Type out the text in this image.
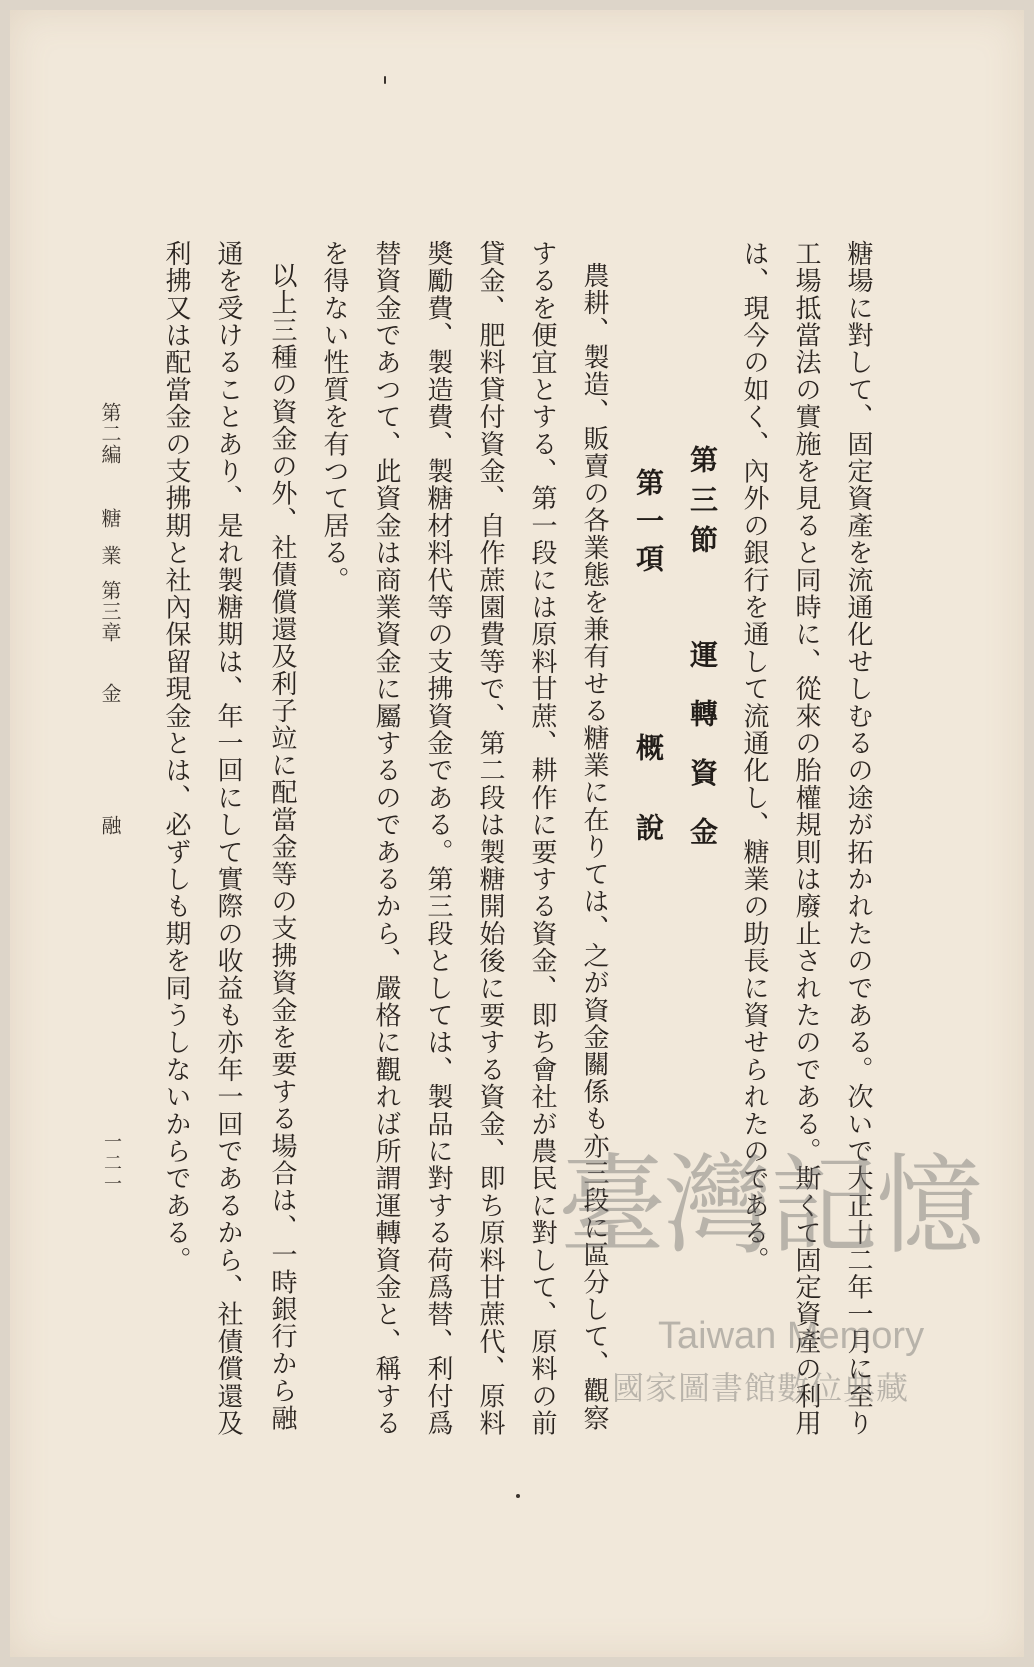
糖場に對して、固定資產を流通化せしむるの途が拓かれたのである。次いで大正十二年一月に至り
工場抵當法の實施を見ると同時に、從來の胎權規則は廢止されたのである。斯くて固定資產の利用
は、現今の如く、內外の銀行を通して流通化し、糖業の助長に資せられたのである。
第三節
運轉資金
第一項
概說
農耕、製造、販賣の各業態を兼有せる糖業に在りては、之が資金關係も亦三段に區分して、觀察
するを便宜とする、第一段には原料甘蔗、耕作に要する資金、即ち會社が農民に對して、原料の前
貸金、肥料貸付資金、自作蔗園費等で、第二段は製糖開始後に要する資金、即ち原料甘蔗代、原料
奬勵費、製造費、製糖材料代等の支拂資金である。第三段としては、製品に對する荷爲替、利付爲
替資金であつて、此資金は商業資金に屬するのであるから、嚴格に觀れば所謂運轉資金と、稱する
を得ない性質を有つて居る。
以上三種の資金の外、社債償還及利子竝に配當金等の支拂資金を要する場合は、一時銀行から融
通を受けることあり、是れ製糖期は、年一回にして實際の收益も亦年一回であるから、社債償還及
利拂又は配當金の支拂期と社內保留現金とは、必ずしも期を同うしないからである。
第二編
糖業
第三章
金融
一二一	臺灣記憶
Taiwan Memory
國家圖書館數位典藏
